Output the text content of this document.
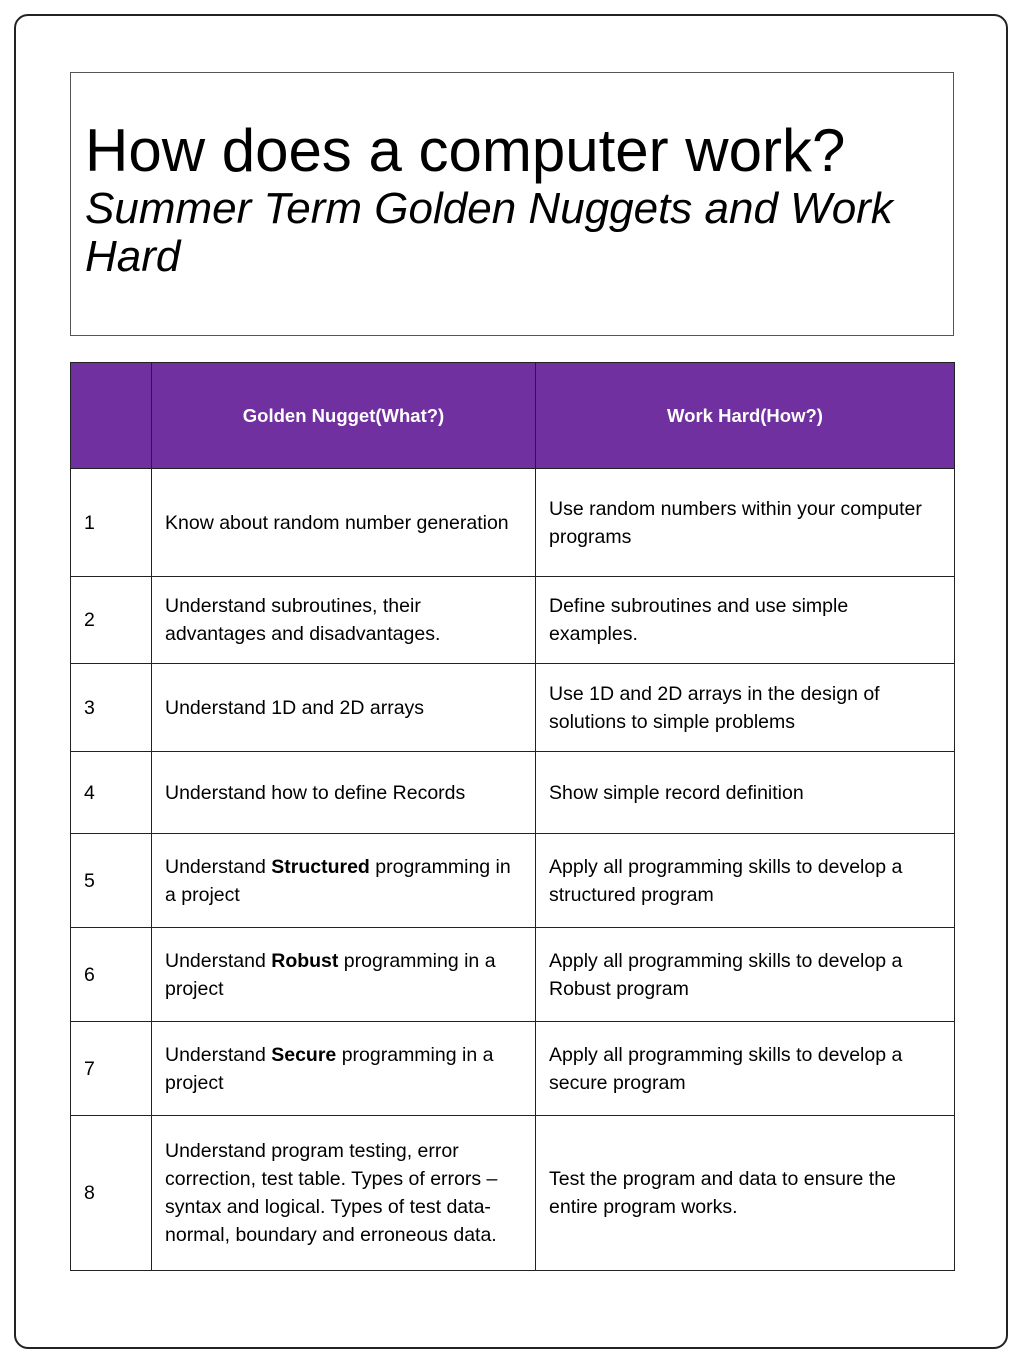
How does a computer work?
Summer Term Golden Nuggets and Work Hard
	Golden Nugget(What?)	Work Hard(How?)
1	Know about random number generation	Use random numbers within your computer programs
2	Understand subroutines, their advantages and disadvantages.	Define subroutines and use simple examples.
3	Understand 1D and 2D arrays	Use 1D and 2D arrays in the design of solutions to simple problems
4	Understand how to define Records	Show simple record definition
5	Understand Structured programming in a project	Apply all programming skills to develop a structured program
6	Understand Robust programming in a project	Apply all programming skills to develop a Robust program
7	Understand Secure programming in a project	Apply all programming skills to develop a secure program
8	Understand program testing, error correction, test table. Types of errors – syntax and logical. Types of test data- normal, boundary and erroneous data.	Test the program and data to ensure the entire program works.
